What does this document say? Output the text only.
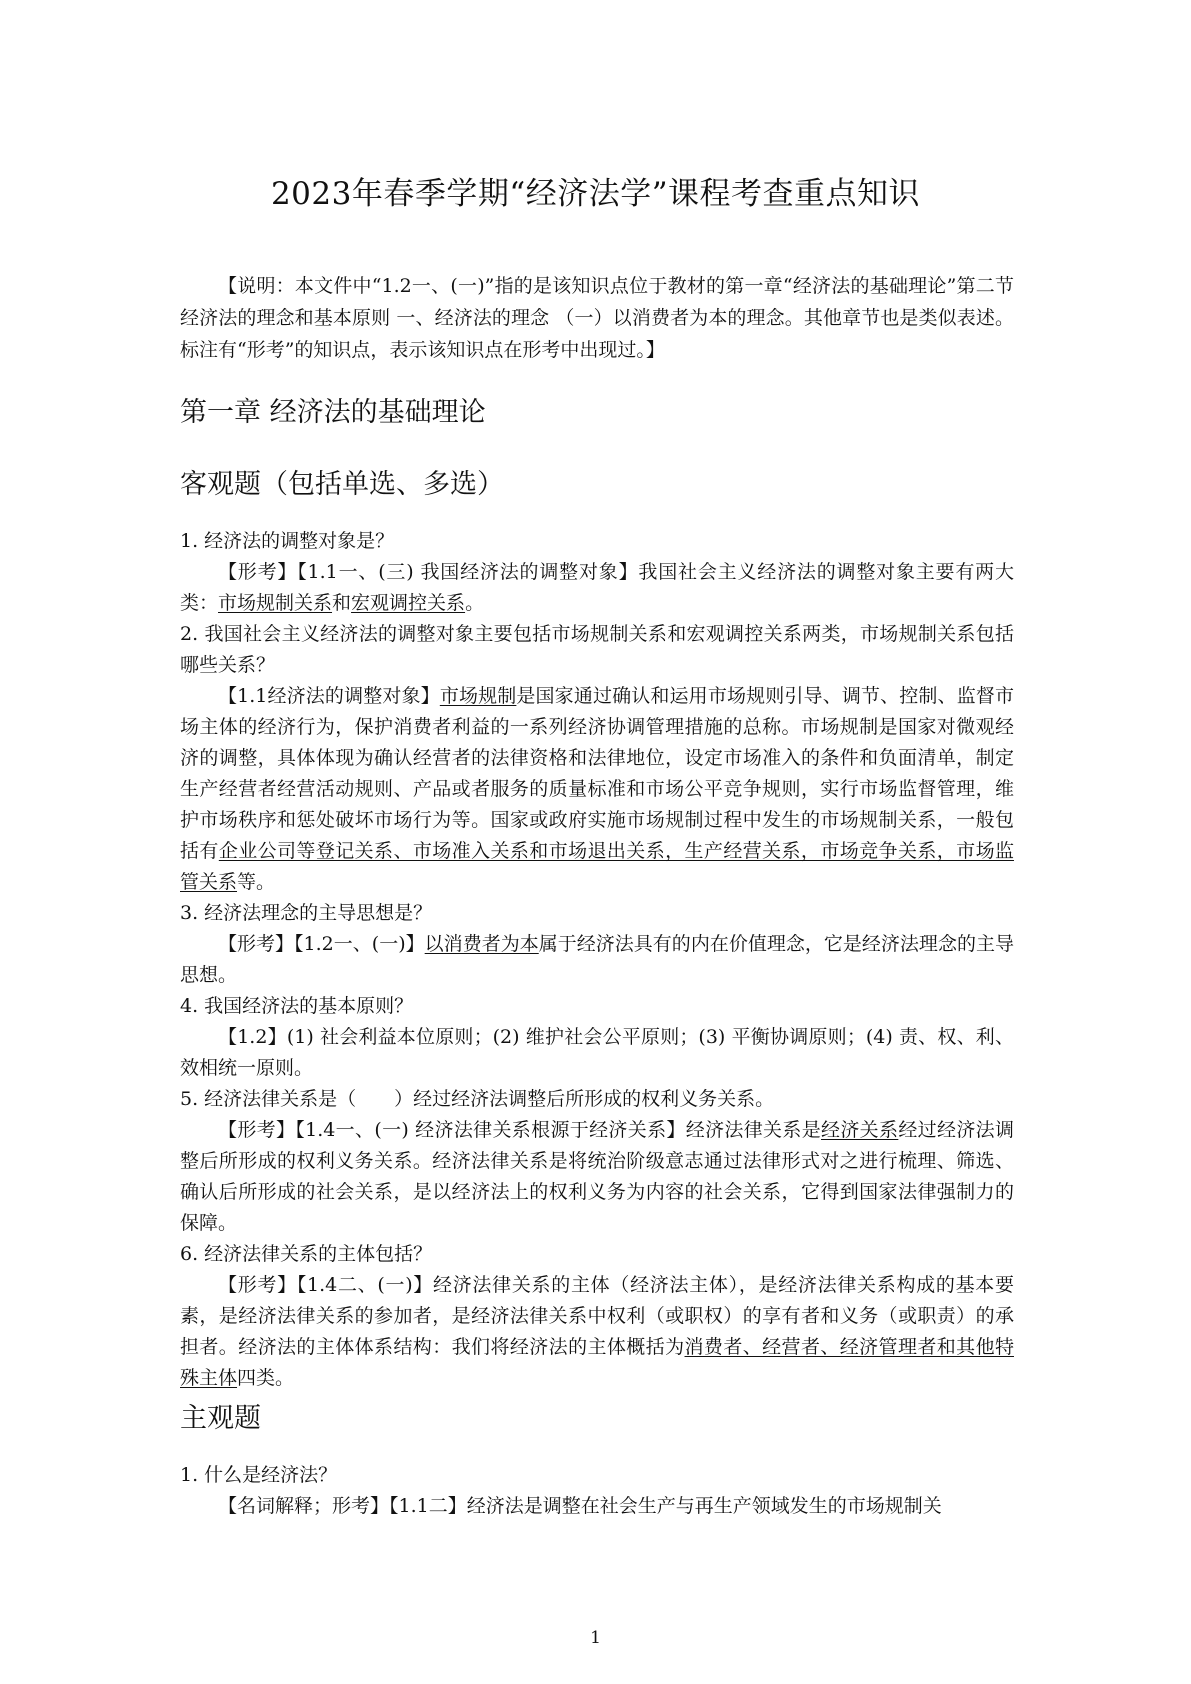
2023年春季学期“经济法学”课程考查重点知识

【说明：本文件中“1.2一、(一)”指的是该知识点位于教材的第一章“经济法的基础理论”第二节经济法的理念和基本原则 一、经济法的理念 （一）以消费者为本的理念。其他章节也是类似表述。标注有“形考”的知识点，表示该知识点在形考中出现过。】

第一章 经济法的基础理论
客观题（包括单选、多选）

1. 经济法的调整对象是？

【形考】【1.1一、(三) 我国经济法的调整对象】我国社会主义经济法的调整对象主要有两大类：市场规制关系和宏观调控关系。

2. 我国社会主义经济法的调整对象主要包括市场规制关系和宏观调控关系两类，市场规制关系包括哪些关系？

【1.1经济法的调整对象】市场规制是国家通过确认和运用市场规则引导、调节、控制、监督市场主体的经济行为，保护消费者利益的一系列经济协调管理措施的总称。市场规制是国家对微观经济的调整，具体体现为确认经营者的法律资格和法律地位，设定市场准入的条件和负面清单，制定生产经营者经营活动规则、产品或者服务的质量标准和市场公平竞争规则，实行市场监督管理，维护市场秩序和惩处破坏市场行为等。国家或政府实施市场规制过程中发生的市场规制关系，一般包括有企业公司等登记关系、市场准入关系和市场退出关系，生产经营关系，市场竞争关系，市场监管关系等。

3. 经济法理念的主导思想是？

【形考】【1.2一、(一)】以消费者为本属于经济法具有的内在价值理念，它是经济法理念的主导思想。

4. 我国经济法的基本原则？

【1.2】(1) 社会利益本位原则；(2) 维护社会公平原则；(3) 平衡协调原则；(4) 责、权、利、效相统一原则。

5. 经济法律关系是（　　）经过经济法调整后所形成的权利义务关系。

【形考】【1.4一、(一) 经济法律关系根源于经济关系】经济法律关系是经济关系经过经济法调整后所形成的权利义务关系。经济法律关系是将统治阶级意志通过法律形式对之进行梳理、筛选、确认后所形成的社会关系，是以经济法上的权利义务为内容的社会关系，它得到国家法律强制力的保障。

6. 经济法律关系的主体包括？

【形考】【1.4二、(一)】经济法律关系的主体（经济法主体），是经济法律关系构成的基本要素，是经济法律关系的参加者，是经济法律关系中权利（或职权）的享有者和义务（或职责）的承担者。经济法的主体体系结构：我们将经济法的主体概括为消费者、经营者、经济管理者和其他特殊主体四类。

主观题

1. 什么是经济法？

【名词解释；形考】【1.1二】经济法是调整在社会生产与再生产领域发生的市场规制关

1
